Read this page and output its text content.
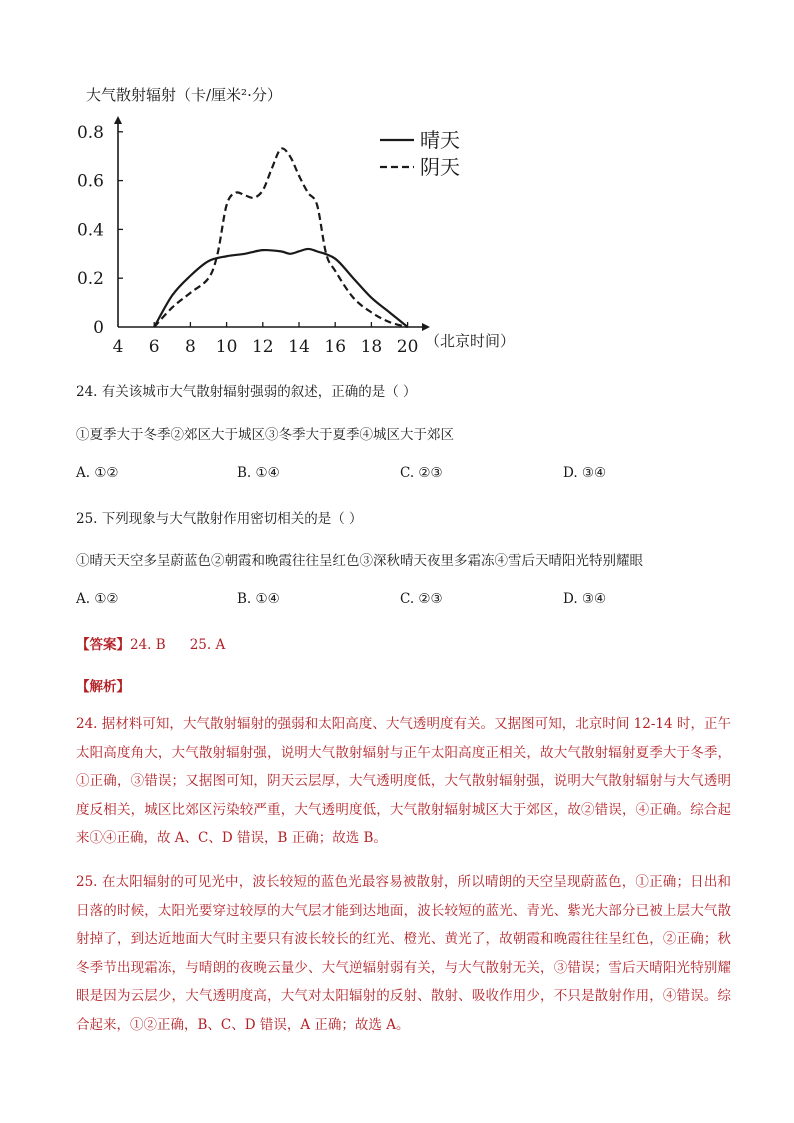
大气散射辐射（卡/厘米²·分）
4 6 8 10 12 14 16 18 20
0
0.2
0.4
0.6
0.8	晴天
阴天
（北京时间）
24. 有关该城市大气散射辐射强弱的叙述，正确的是（ ）
①夏季大于冬季②郊区大于城区③冬季大于夏季④城区大于郊区
A. ①②	B. ①④	C. ②③	D. ③④
25. 下列现象与大气散射作用密切相关的是（ ）
①晴天天空多呈蔚蓝色②朝霞和晚霞往往呈红色③深秋晴天夜里多霜冻④雪后天晴阳光特别耀眼
A. ①②	B. ①④	C. ②③	D. ③④
【答案】24. B 25. A
【解析】
24. 据材料可知，大气散射辐射的强弱和太阳高度、大气透明度有关。又据图可知，北京时间 12-14 时，正午太阳高度角大，大气散射辐射强，说明大气散射辐射与正午太阳高度正相关，故大气散射辐射夏季大于冬季，①正确，③错误；又据图可知，阴天云层厚，大气透明度低，大气散射辐射强，说明大气散射辐射与大气透明度反相关，城区比郊区污染较严重，大气透明度低，大气散射辐射城区大于郊区，故②错误，④正确。综合起来①④正确，故 A、C、D 错误，B 正确；故选 B。
25. 在太阳辐射的可见光中，波长较短的蓝色光最容易被散射，所以晴朗的天空呈现蔚蓝色，①正确；日出和日落的时候，太阳光要穿过较厚的大气层才能到达地面，波长较短的蓝光、青光、紫光大部分已被上层大气散射掉了，到达近地面大气时主要只有波长较长的红光、橙光、黄光了，故朝霞和晚霞往往呈红色，②正确；秋冬季节出现霜冻，与晴朗的夜晚云量少、大气逆辐射弱有关，与大气散射无关，③错误；雪后天晴阳光特别耀眼是因为云层少，大气透明度高，大气对太阳辐射的反射、散射、吸收作用少，不只是散射作用，④错误。综合起来，①②正确，B、C、D 错误，A 正确；故选 A。
